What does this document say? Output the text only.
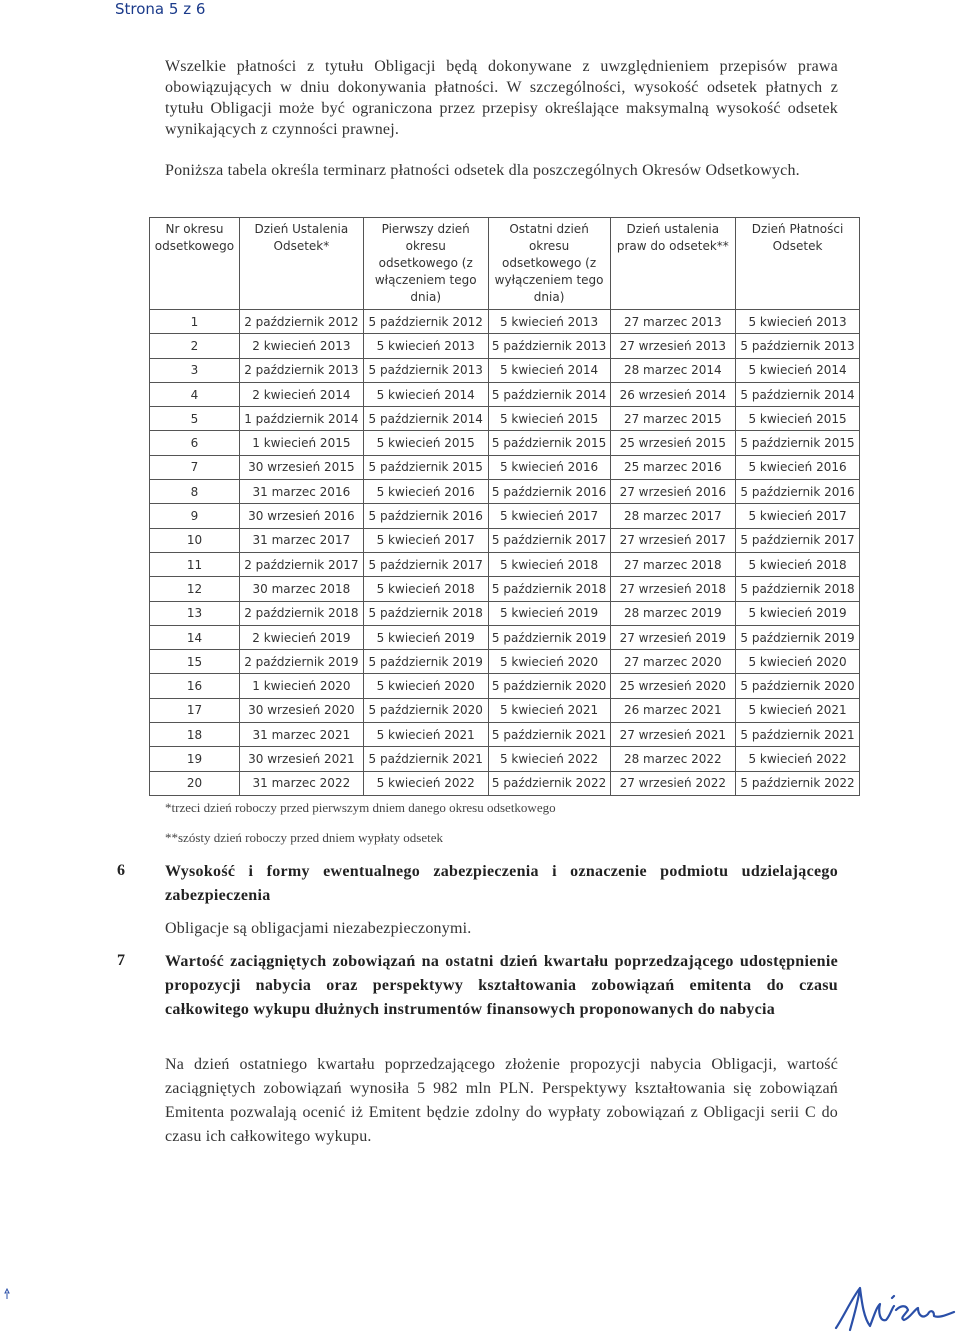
Strona 5 z 6
Wszelkie płatności z tytułu Obligacji będą dokonywane z uwzględnieniem przepisów prawa obowiązujących w dniu dokonywania płatności. W szczególności, wysokość odsetek płatnych z tytułu Obligacji może być ograniczona przez przepisy określające maksymalną wysokość odsetek wynikających z czynności prawnej.
Poniższa tabela określa terminarz płatności odsetek dla poszczególnych Okresów Odsetkowych.
Nr okresu odsetkowego	Dzień Ustalenia Odsetek*	Pierwszy dzień okresu odsetkowego (z włączeniem tego dnia)	Ostatni dzień okresu odsetkowego (z wyłączeniem tego dnia)	Dzień ustalenia praw do odsetek**	Dzień Płatności Odsetek
1	2 październik 2012	5 październik 2012	5 kwiecień 2013	27 marzec 2013	5 kwiecień 2013
2	2 kwiecień 2013	5 kwiecień 2013	5 październik 2013	27 wrzesień 2013	5 październik 2013
3	2 październik 2013	5 październik 2013	5 kwiecień 2014	28 marzec 2014	5 kwiecień 2014
4	2 kwiecień 2014	5 kwiecień 2014	5 październik 2014	26 wrzesień 2014	5 październik 2014
5	1 październik 2014	5 październik 2014	5 kwiecień 2015	27 marzec 2015	5 kwiecień 2015
6	1 kwiecień 2015	5 kwiecień 2015	5 październik 2015	25 wrzesień 2015	5 październik 2015
7	30 wrzesień 2015	5 październik 2015	5 kwiecień 2016	25 marzec 2016	5 kwiecień 2016
8	31 marzec 2016	5 kwiecień 2016	5 październik 2016	27 wrzesień 2016	5 październik 2016
9	30 wrzesień 2016	5 październik 2016	5 kwiecień 2017	28 marzec 2017	5 kwiecień 2017
10	31 marzec 2017	5 kwiecień 2017	5 październik 2017	27 wrzesień 2017	5 październik 2017
11	2 październik 2017	5 październik 2017	5 kwiecień 2018	27 marzec 2018	5 kwiecień 2018
12	30 marzec 2018	5 kwiecień 2018	5 październik 2018	27 wrzesień 2018	5 październik 2018
13	2 październik 2018	5 październik 2018	5 kwiecień 2019	28 marzec 2019	5 kwiecień 2019
14	2 kwiecień 2019	5 kwiecień 2019	5 październik 2019	27 wrzesień 2019	5 październik 2019
15	2 październik 2019	5 październik 2019	5 kwiecień 2020	27 marzec 2020	5 kwiecień 2020
16	1 kwiecień 2020	5 kwiecień 2020	5 październik 2020	25 wrzesień 2020	5 październik 2020
17	30 wrzesień 2020	5 październik 2020	5 kwiecień 2021	26 marzec 2021	5 kwiecień 2021
18	31 marzec 2021	5 kwiecień 2021	5 październik 2021	27 wrzesień 2021	5 październik 2021
19	30 wrzesień 2021	5 październik 2021	5 kwiecień 2022	28 marzec 2022	5 kwiecień 2022
20	31 marzec 2022	5 kwiecień 2022	5 październik 2022	27 wrzesień 2022	5 październik 2022
*trzeci dzień roboczy przed pierwszym dniem danego okresu odsetkowego
**szósty dzień roboczy przed dniem wypłaty odsetek
6	Wysokość i formy ewentualnego zabezpieczenia i oznaczenie podmiotu udzielającego zabezpieczenia
Obligacje są obligacjami niezabezpieczonymi.
7	Wartość zaciągniętych zobowiązań na ostatni dzień kwartału poprzedzającego udostępnienie propozycji nabycia oraz perspektywy kształtowania zobowiązań emitenta do czasu całkowitego wykupu dłużnych instrumentów finansowych proponowanych do nabycia
Na dzień ostatniego kwartału poprzedzającego złożenie propozycji nabycia Obligacji, wartość zaciągniętych zobowiązań wynosiła 5 982 mln PLN. Perspektywy kształtowania się zobowiązań Emitenta pozwalają ocenić iż Emitent będzie zdolny do wypłaty zobowiązań z Obligacji serii C do czasu ich całkowitego wykupu.
